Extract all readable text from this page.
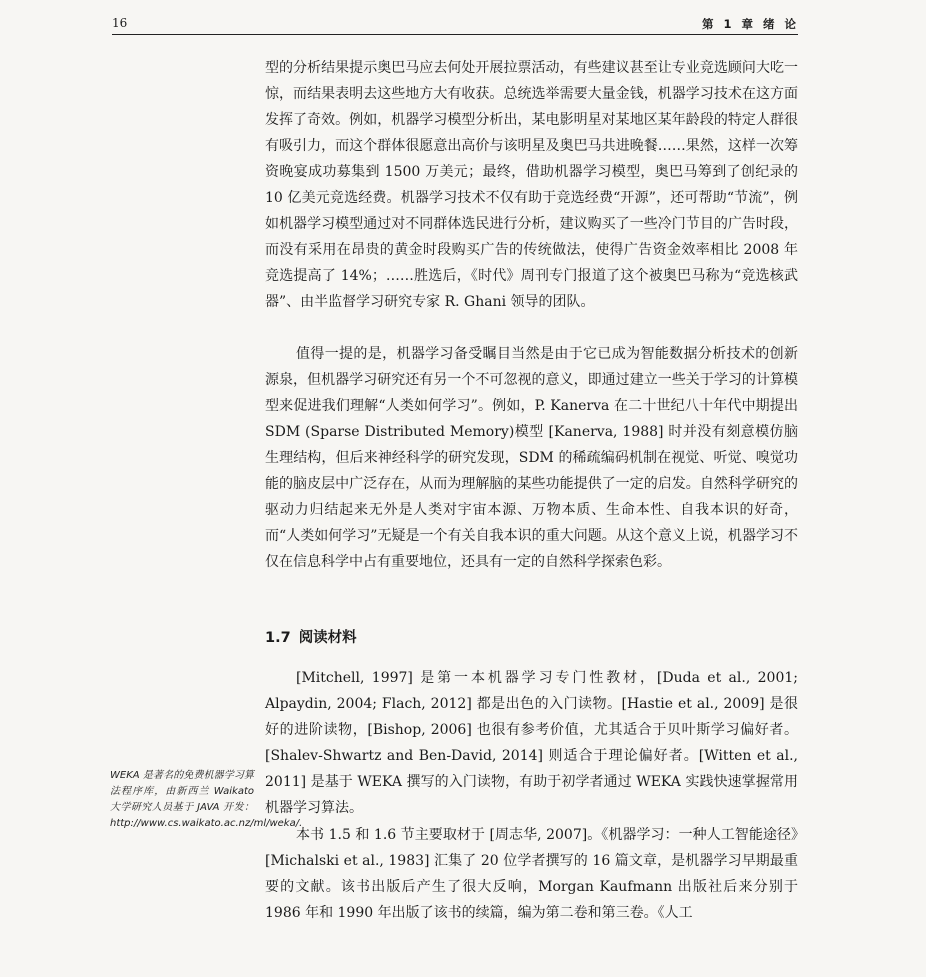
16	第 1 章 绪 论

型的分析结果提示奥巴马应去何处开展拉票活动，有些建议甚至让专业竞选顾问大吃一惊，而结果表明去这些地方大有收获。总统选举需要大量金钱，机器学习技术在这方面发挥了奇效。例如，机器学习模型分析出，某电影明星对某地区某年龄段的特定人群很有吸引力，而这个群体很愿意出高价与该明星及奥巴马共进晚餐……果然，这样一次筹资晚宴成功募集到 1500 万美元；最终，借助机器学习模型，奥巴马筹到了创纪录的 10 亿美元竞选经费。机器学习技术不仅有助于竞选经费“开源”，还可帮助“节流”，例如机器学习模型通过对不同群体选民进行分析，建议购买了一些冷门节目的广告时段，而没有采用在昂贵的黄金时段购买广告的传统做法，使得广告资金效率相比 2008 年竞选提高了 14%；……胜选后，《时代》周刊专门报道了这个被奥巴马称为“竞选核武器”、由半监督学习研究专家 R. Ghani 领导的团队。

值得一提的是，机器学习备受瞩目当然是由于它已成为智能数据分析技术的创新源泉，但机器学习研究还有另一个不可忽视的意义，即通过建立一些关于学习的计算模型来促进我们理解“人类如何学习”。例如，P. Kanerva 在二十世纪八十年代中期提出 SDM (Sparse Distributed Memory)模型 [Kanerva, 1988] 时并没有刻意模仿脑生理结构，但后来神经科学的研究发现，SDM 的稀疏编码机制在视觉、听觉、嗅觉功能的脑皮层中广泛存在，从而为理解脑的某些功能提供了一定的启发。自然科学研究的驱动力归结起来无外是人类对宇宙本源、万物本质、生命本性、自我本识的好奇，而“人类如何学习”无疑是一个有关自我本识的重大问题。从这个意义上说，机器学习不仅在信息科学中占有重要地位，还具有一定的自然科学探索色彩。

1.7 阅读材料

[Mitchell, 1997] 是第一本机器学习专门性教材，[Duda et al., 2001; Alpaydin, 2004; Flach, 2012] 都是出色的入门读物。[Hastie et al., 2009] 是很好的进阶读物，[Bishop, 2006] 也很有参考价值，尤其适合于贝叶斯学习偏好者。[Shalev-Shwartz and Ben-David, 2014] 则适合于理论偏好者。[Witten et al., 2011] 是基于 WEKA 撰写的入门读物，有助于初学者通过 WEKA 实践快速掌握常用机器学习算法。

本书 1.5 和 1.6 节主要取材于 [周志华, 2007]。《机器学习：一种人工智能途径》[Michalski et al., 1983] 汇集了 20 位学者撰写的 16 篇文章，是机器学习早期最重要的文献。该书出版后产生了很大反响，Morgan Kaufmann 出版社后来分别于 1986 年和 1990 年出版了该书的续篇，编为第二卷和第三卷。《人工

WEKA 是著名的免费机器学习算法程序库，由新西兰 Waikato 大学研究人员基于 JAVA 开发：http://www.cs.waikato.ac.nz/ml/weka/.
